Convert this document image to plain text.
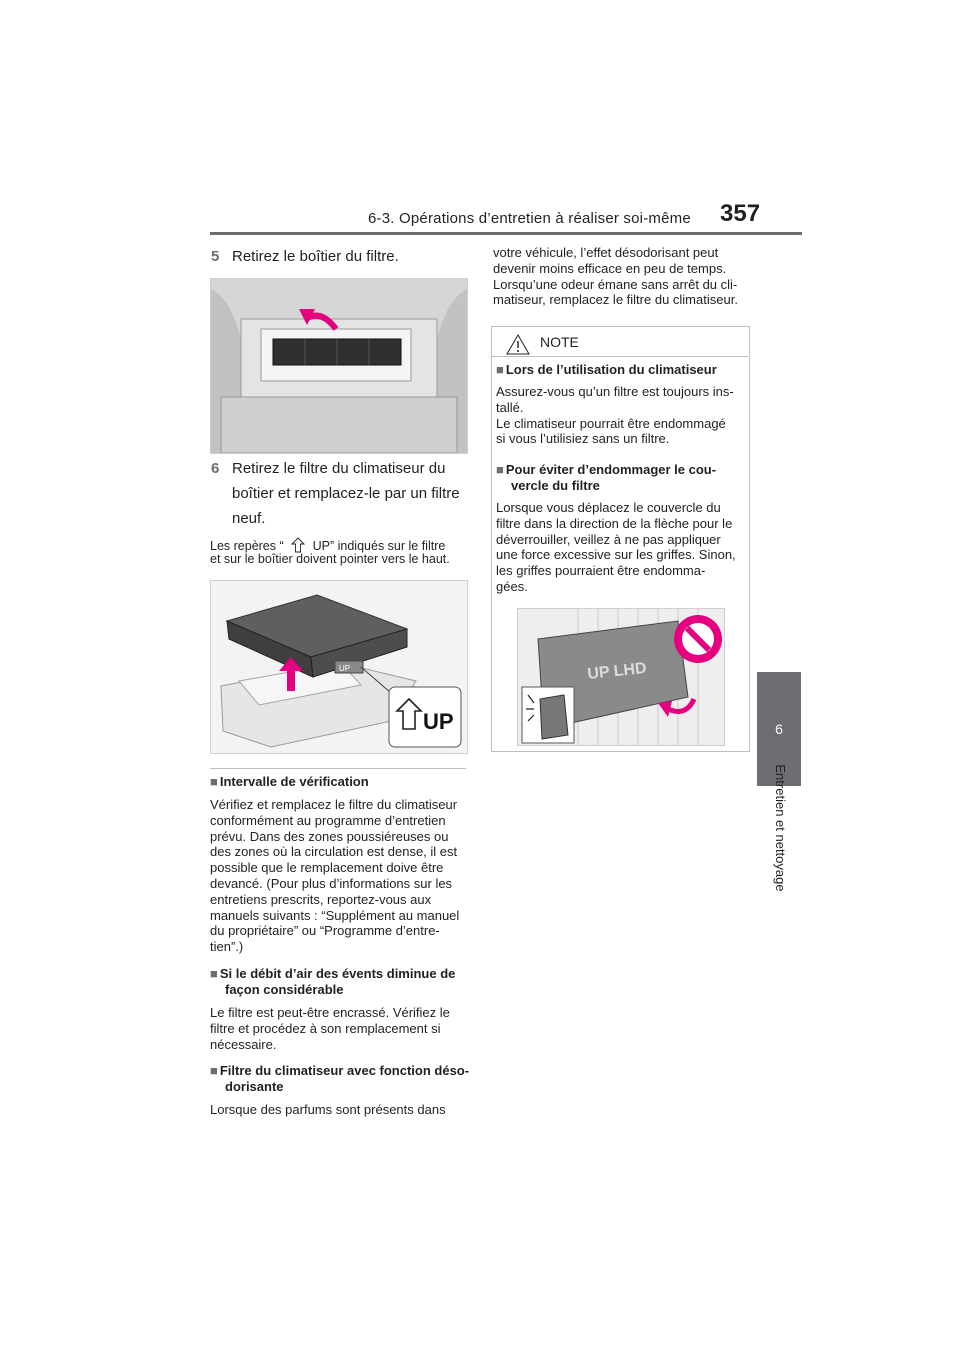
6-3. Opérations d’entretien à réaliser soi-même 357
6
Entretien et nettoyage
5 Retirez le boîtier du filtre.
6 Retirez le filtre du climatiseur du
boîtier et remplacez-le par un filtre
neuf.
Les repères “ UP” indiqués sur le filtre
et sur le boîtier doivent pointer vers le haut.
UP
UP
■ Intervalle de vérification
Vérifiez et remplacez le filtre du climatiseur
conformément au programme d’entretien
prévu. Dans des zones poussiéreuses ou
des zones où la circulation est dense, il est
possible que le remplacement doive être
devancé. (Pour plus d’informations sur les
entretiens prescrits, reportez-vous aux
manuels suivants : “Supplément au manuel
du propriétaire” ou “Programme d’entre-
tien”.)
■ Si le débit d’air des évents diminue de
façon considérable
Le filtre est peut-être encrassé. Vérifiez le
filtre et procédez à son remplacement si
nécessaire.
■ Filtre du climatiseur avec fonction déso-
dorisante
Lorsque des parfums sont présents dans
votre véhicule, l’effet désodorisant peut
devenir moins efficace en peu de temps.
Lorsqu’une odeur émane sans arrêt du cli-
matiseur, remplacez le filtre du climatiseur.
NOTE
■ Lors de l’utilisation du climatiseur
Assurez-vous qu’un filtre est toujours ins-
tallé.
Le climatiseur pourrait être endommagé
si vous l’utilisiez sans un filtre.
■ Pour éviter d’endommager le cou-
vercle du filtre
Lorsque vous déplacez le couvercle du
filtre dans la direction de la flèche pour le
déverrouiller, veillez à ne pas appliquer
une force excessive sur les griffes. Sinon,
les griffes pourraient être endomma-
gées.
UP LHD
